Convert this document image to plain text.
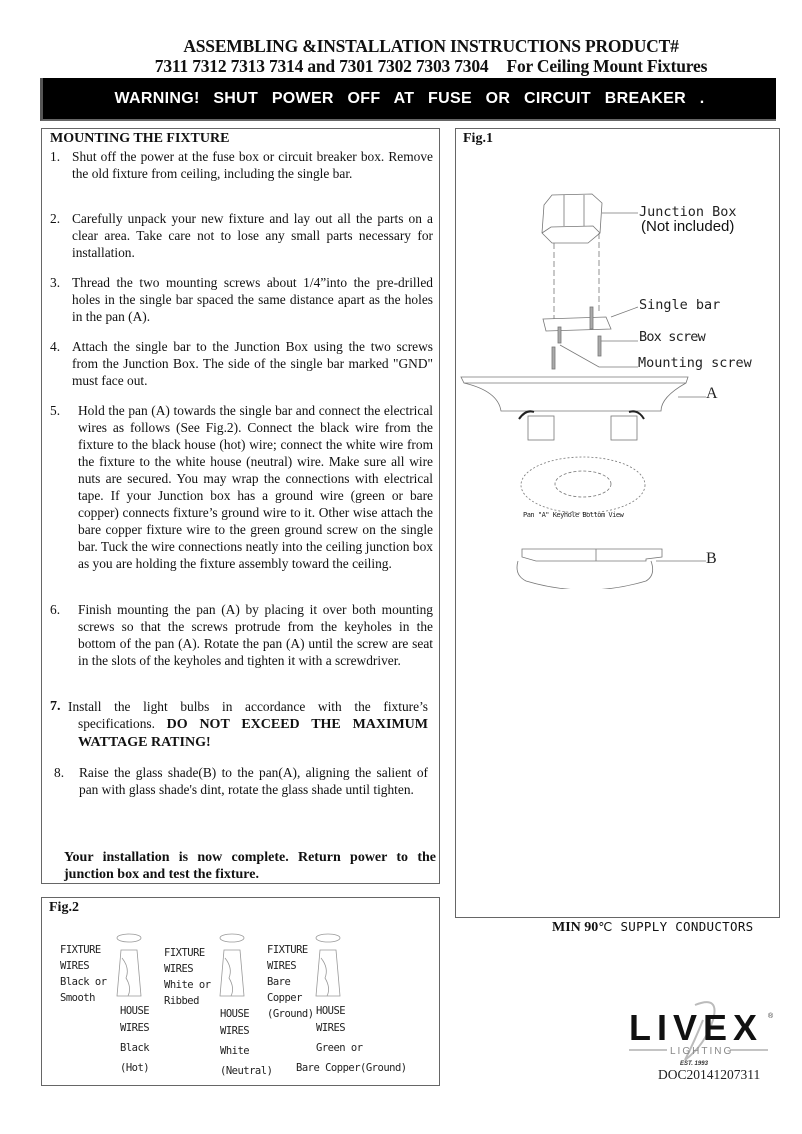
ASSEMBLING &INSTALLATION INSTRUCTIONS PRODUCT#
7311 7312 7313 7314 and 7301 7302 7303 7304 For Ceiling Mount Fixtures
WARNING! SHUT POWER OFF AT FUSE OR CIRCUIT BREAKER .
MOUNTING THE FIXTURE
1. Shut off the power at the fuse box or circuit breaker box. Remove the old fixture from ceiling, including the single bar.
2. Carefully unpack your new fixture and lay out all the parts on a clear area. Take care not to lose any small parts necessary for installation.
3. Thread the two mounting screws about 1/4”into the pre-drilled holes in the single bar spaced the same distance apart as the holes in the pan (A).
4. Attach the single bar to the Junction Box using the two screws from the Junction Box. The side of the single bar marked "GND" must face out.
5.	Hold the pan (A) towards the single bar and connect the electrical wires as follows (See Fig.2). Connect the black wire from the fixture to the black house (hot) wire; connect the white wire from the fixture to the white house (neutral) wire. Make sure all wire nuts are secured. You may wrap the connections with electrical tape. If your Junction box has a ground wire (green or bare copper) connects fixture’s ground wire to it. Other wise attach the bare copper fixture wire to the green ground screw on the single bar. Tuck the wire connections neatly into the ceiling junction box as you are holding the fixture assembly toward the ceiling.
6.	Finish mounting the pan (A) by placing it over both mounting screws so that the screws protrude from the keyholes in the bottom of the pan (A). Rotate the pan (A) until the screw are seat in the slots of the keyholes and tighten it with a screwdriver.
7. Install the light bulbs in accordance with the fixture’s specifications. DO NOT EXCEED THE MAXIMUM WATTAGE RATING!
8.	Raise the glass shade(B) to the pan(A), aligning the salient of pan with glass shade's dint, rotate the glass shade until tighten.
Your installation is now complete. Return power to the junction box and test the fixture.
Fig.1
Junction Box
(Not included)
Single bar
Box screw
Mounting screw
A
Pan "A" Keyhole Bottom View
B
Fig.2
FIXTURE
WIRES
Black or
Smooth
HOUSE
WIRES
Black
(Hot)
FIXTURE
WIRES
White or
Ribbed
HOUSE
WIRES
White
(Neutral)
FIXTURE
WIRES
Bare
Copper
(Ground) HOUSE
WIRES
Green or
Bare Copper(Ground)
MIN 90℃ SUPPLY CONDUCTORS
LIVEX ®
LIGHTING
EST. 1993
DOC20141207311
